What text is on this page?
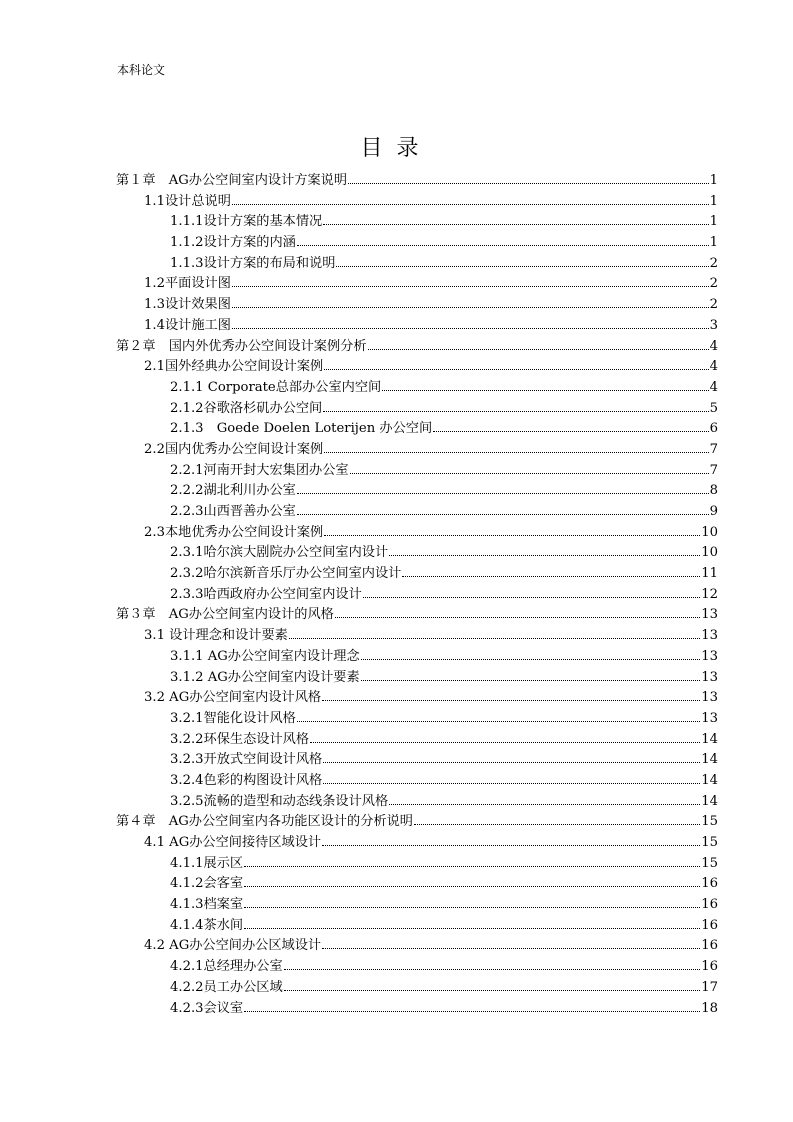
本科论文
目录
第１章　AG办公空间室内设计方案说明	1
1.1设计总说明	1
1.1.1设计方案的基本情况	1
1.1.2设计方案的内涵	1
1.1.3设计方案的布局和说明	2
1.2平面设计图	2
1.3设计效果图	2
1.4设计施工图	3
第２章　国内外优秀办公空间设计案例分析	4
2.1国外经典办公空间设计案例	4
2.1.1 Corporate总部办公室内空间	4
2.1.2谷歌洛杉矶办公空间	5
2.1.3　Goede Doelen Loterijen 办公空间	6
2.2国内优秀办公空间设计案例	7
2.2.1河南开封大宏集团办公室	7
2.2.2湖北利川办公室	8
2.2.3山西晋善办公室	9
2.3本地优秀办公空间设计案例	10
2.3.1哈尔滨大剧院办公空间室内设计	10
2.3.2哈尔滨新音乐厅办公空间室内设计	11
2.3.3哈西政府办公空间室内设计	12
第３章　AG办公空间室内设计的风格	13
3.1 设计理念和设计要素	13
3.1.1 AG办公空间室内设计理念	13
3.1.2 AG办公空间室内设计要素	13
3.2 AG办公空间室内设计风格	13
3.2.1智能化设计风格	13
3.2.2环保生态设计风格	14
3.2.3开放式空间设计风格	14
3.2.4色彩的构图设计风格	14
3.2.5流畅的造型和动态线条设计风格	14
第４章　AG办公空间室内各功能区设计的分析说明	15
4.1 AG办公空间接待区域设计	15
4.1.1展示区	15
4.1.2会客室	16
4.1.3档案室	16
4.1.4茶水间	16
4.2 AG办公空间办公区域设计	16
4.2.1总经理办公室	16
4.2.2员工办公区域	17
4.2.3会议室	18
